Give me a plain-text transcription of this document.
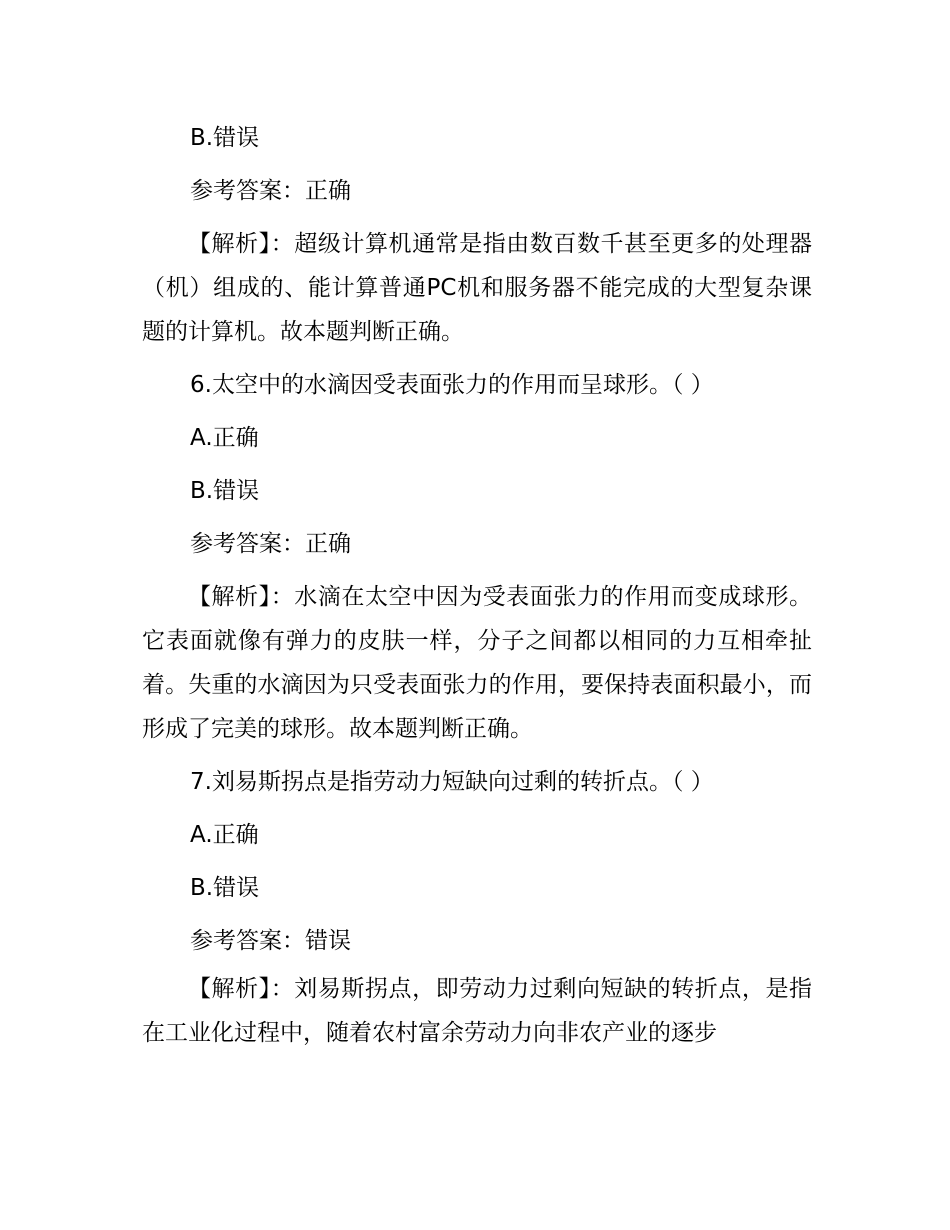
B.错误
参考答案：正确
【解析】：超级计算机通常是指由数百数千甚至更多的处理器（机）组成的、能计算普通PC机和服务器不能完成的大型复杂课题的计算机。故本题判断正确。
6.太空中的水滴因受表面张力的作用而呈球形。（ ）
A.正确
B.错误
参考答案：正确
【解析】：水滴在太空中因为受表面张力的作用而变成球形。它表面就像有弹力的皮肤一样，分子之间都以相同的力互相牵扯着。失重的水滴因为只受表面张力的作用，要保持表面积最小，而形成了完美的球形。故本题判断正确。
7.刘易斯拐点是指劳动力短缺向过剩的转折点。（ ）
A.正确
B.错误
参考答案：错误
【解析】：刘易斯拐点，即劳动力过剩向短缺的转折点，是指在工业化过程中，随着农村富余劳动力向非农产业的逐步
